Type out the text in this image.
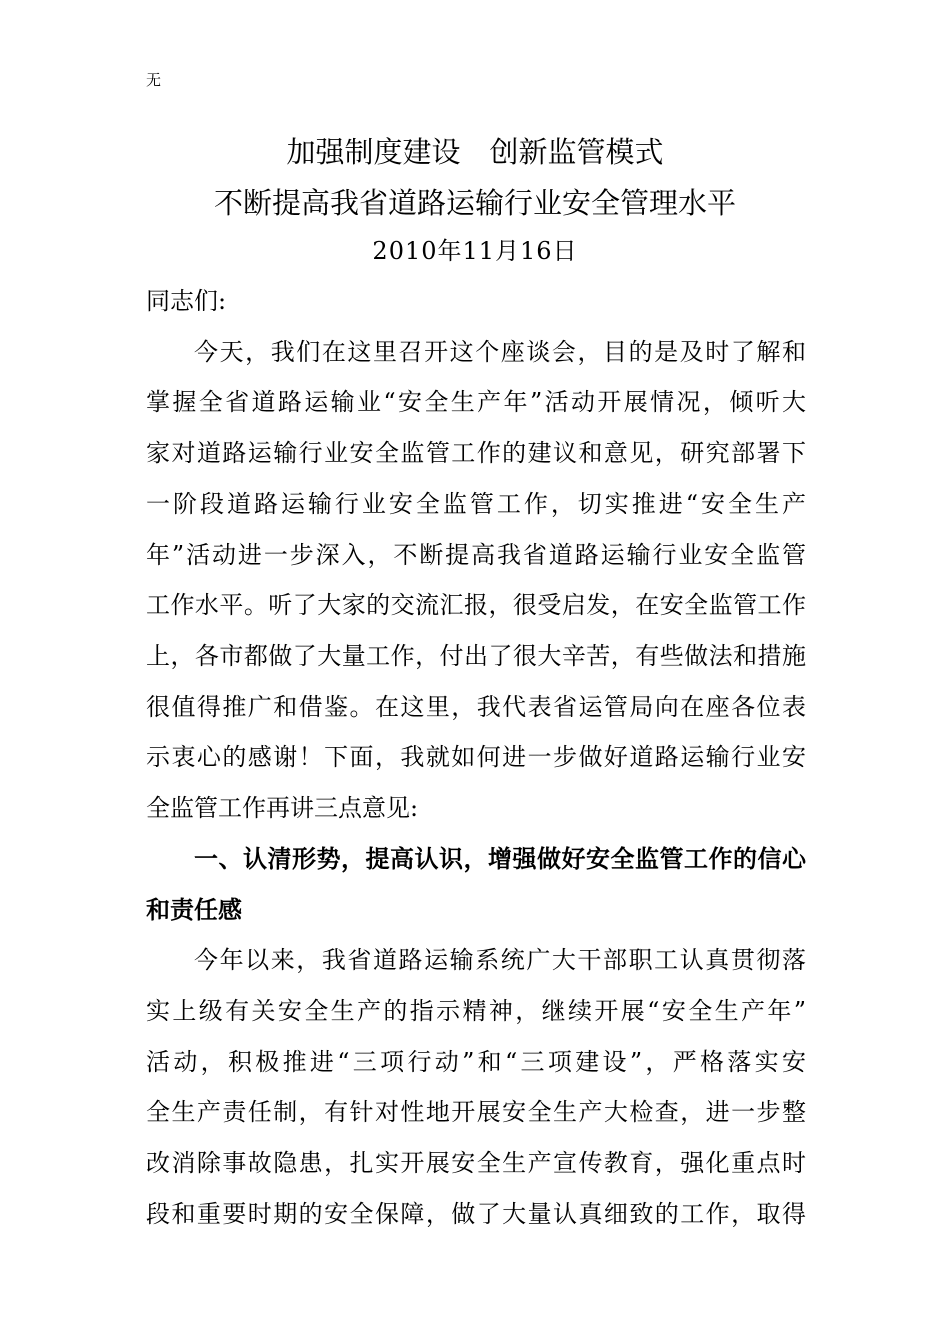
无
加强制度建设　创新监管模式
不断提高我省道路运输行业安全管理水平
2010年11月16日
同志们:
今天，我们在这里召开这个座谈会，目的是及时了解和
掌握全省道路运输业“安全生产年”活动开展情况，倾听大
家对道路运输行业安全监管工作的建议和意见，研究部署下
一阶段道路运输行业安全监管工作，切实推进“安全生产
年”活动进一步深入，不断提高我省道路运输行业安全监管
工作水平。听了大家的交流汇报，很受启发，在安全监管工作
上，各市都做了大量工作，付出了很大辛苦，有些做法和措施
很值得推广和借鉴。在这里，我代表省运管局向在座各位表
示衷心的感谢！下面，我就如何进一步做好道路运输行业安
全监管工作再讲三点意见:
一、认清形势，提高认识，增强做好安全监管工作的信心
和责任感
今年以来，我省道路运输系统广大干部职工认真贯彻落
实上级有关安全生产的指示精神，继续开展“安全生产年”
活动，积极推进“三项行动”和“三项建设”，严格落实安
全生产责任制，有针对性地开展安全生产大检查，进一步整
改消除事故隐患，扎实开展安全生产宣传教育，强化重点时
段和重要时期的安全保障，做了大量认真细致的工作，取得
